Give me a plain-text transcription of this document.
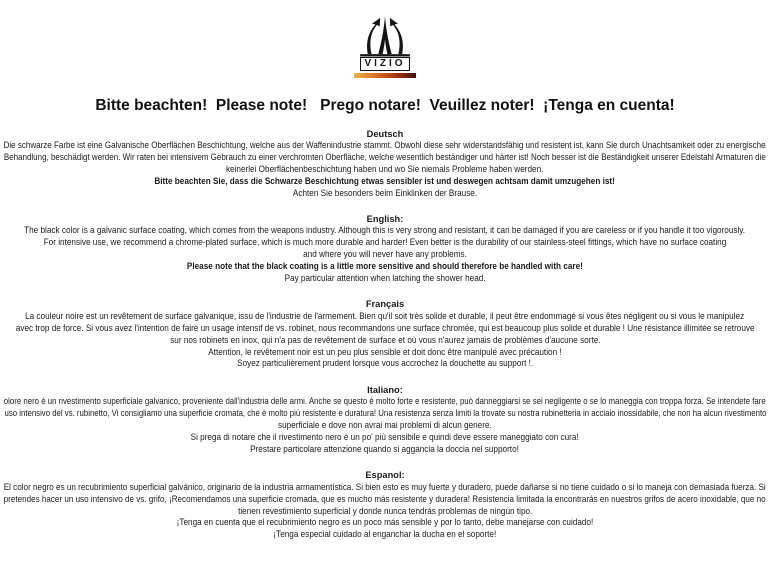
VIZIO
Bitte beachten!  Please note!   Prego notare!  Veuillez noter!  ¡Tenga en cuenta!
Deutsch
Die schwarze Farbe ist eine Galvanische Oberflächen Beschichtung, welche aus der Waffenindustrie stammt. Obwohl diese sehr widerstandsfähig und resistent ist, kann Sie durch Unachtsamkeit oder zu energische
Behandlung, beschädigt werden. Wir raten bei intensivem Gebrauch zu einer verchromten Oberfläche, welche wesentlich beständiger und härter ist! Noch besser ist die Beständigkeit unserer Edelstahl Armaturen die
keinerlei Oberflächenbeschichtung haben und wo Sie niemals Probleme haben werden.
Bitte beachten Sie, dass die Schwarze Beschichtung etwas sensibler ist und deswegen achtsam damit umzugehen ist!
Achten Sie besonders beim Einklinken der Brause.
English:
The black color is a galvanic surface coating, which comes from the weapons industry. Although this is very strong and resistant, it can be damaged if you are careless or if you handle it too vigorously.
For intensive use, we recommend a chrome-plated surface, which is much more durable and harder! Even better is the durability of our stainless-steel fittings, which have no surface coating
and where you will never have any problems.
Please note that the black coating is a little more sensitive and should therefore be handled with care!
Pay particular attention when latching the shower head.
Français
La couleur noire est un revêtement de surface galvanique, issu de l'industrie de l'armement. Bien qu'il soit très solide et durable, il peut être endommagé si vous êtes négligent ou si vous le manipulez
avec trop de force. Si vous avez l'intention de faire un usage intensif de vs. robinet, nous recommandons une surface chromée, qui est beaucoup plus solide et durable ! Une résistance illimitée se retrouve
sur nos robinets en inox, qui n'a pas de revêtement de surface et où vous n'aurez jamais de problèmes d'aucune sorte.
Attention, le revêtement noir est un peu plus sensible et doit donc être manipulé avec précaution !
Soyez particulièrement prudent lorsque vous accrochez la douchette au support !.
Italiano:
olore nero è un rivestimento superficiale galvanico, proveniente dall'industria delle armi. Anche se questo è molto forte e resistente, può danneggiarsi se sei negligente o se lo maneggia con troppa forza. Se intendete fare
uso intensivo del vs. rubinetto, Vi consigliamo una superficie cromata, che è molto più resistente e duratura! Una resistenza senza limiti la trovate su nostra rubinetteria in acciaio inossidabile, che non ha alcun rivestimento
superficiale e dove non avrai mai problemi di alcun genere.
Si prega di notare che il rivestimento nero è un po' più sensibile e quindi deve essere maneggiato con cura!
Prestare particolare attenzione quando si aggancia la doccia nel supporto!
Espanol:
El color negro es un recubrimiento superficial galvánico, originario de la industria armamentística. Si bien esto es muy fuerte y duradero, puede dañarse si no tiene cuidado o si lo maneja con demasiada fuerza. Si
pretendes hacer un uso intensivo de vs. grifo, ¡Recomendamos una superficie cromada, que es mucho más resistente y duradera! Resistencia limitada la encontrarás en nuestros grifos de acero inoxidable, que no
tienen revestimiento superficial y donde nunca tendrás problemas de ningún tipo.
¡Tenga en cuenta que el recubrimiento negro es un poco más sensible y por lo tanto, debe manejarse con cuidado!
¡Tenga especial cuidado al enganchar la ducha en el soporte!
